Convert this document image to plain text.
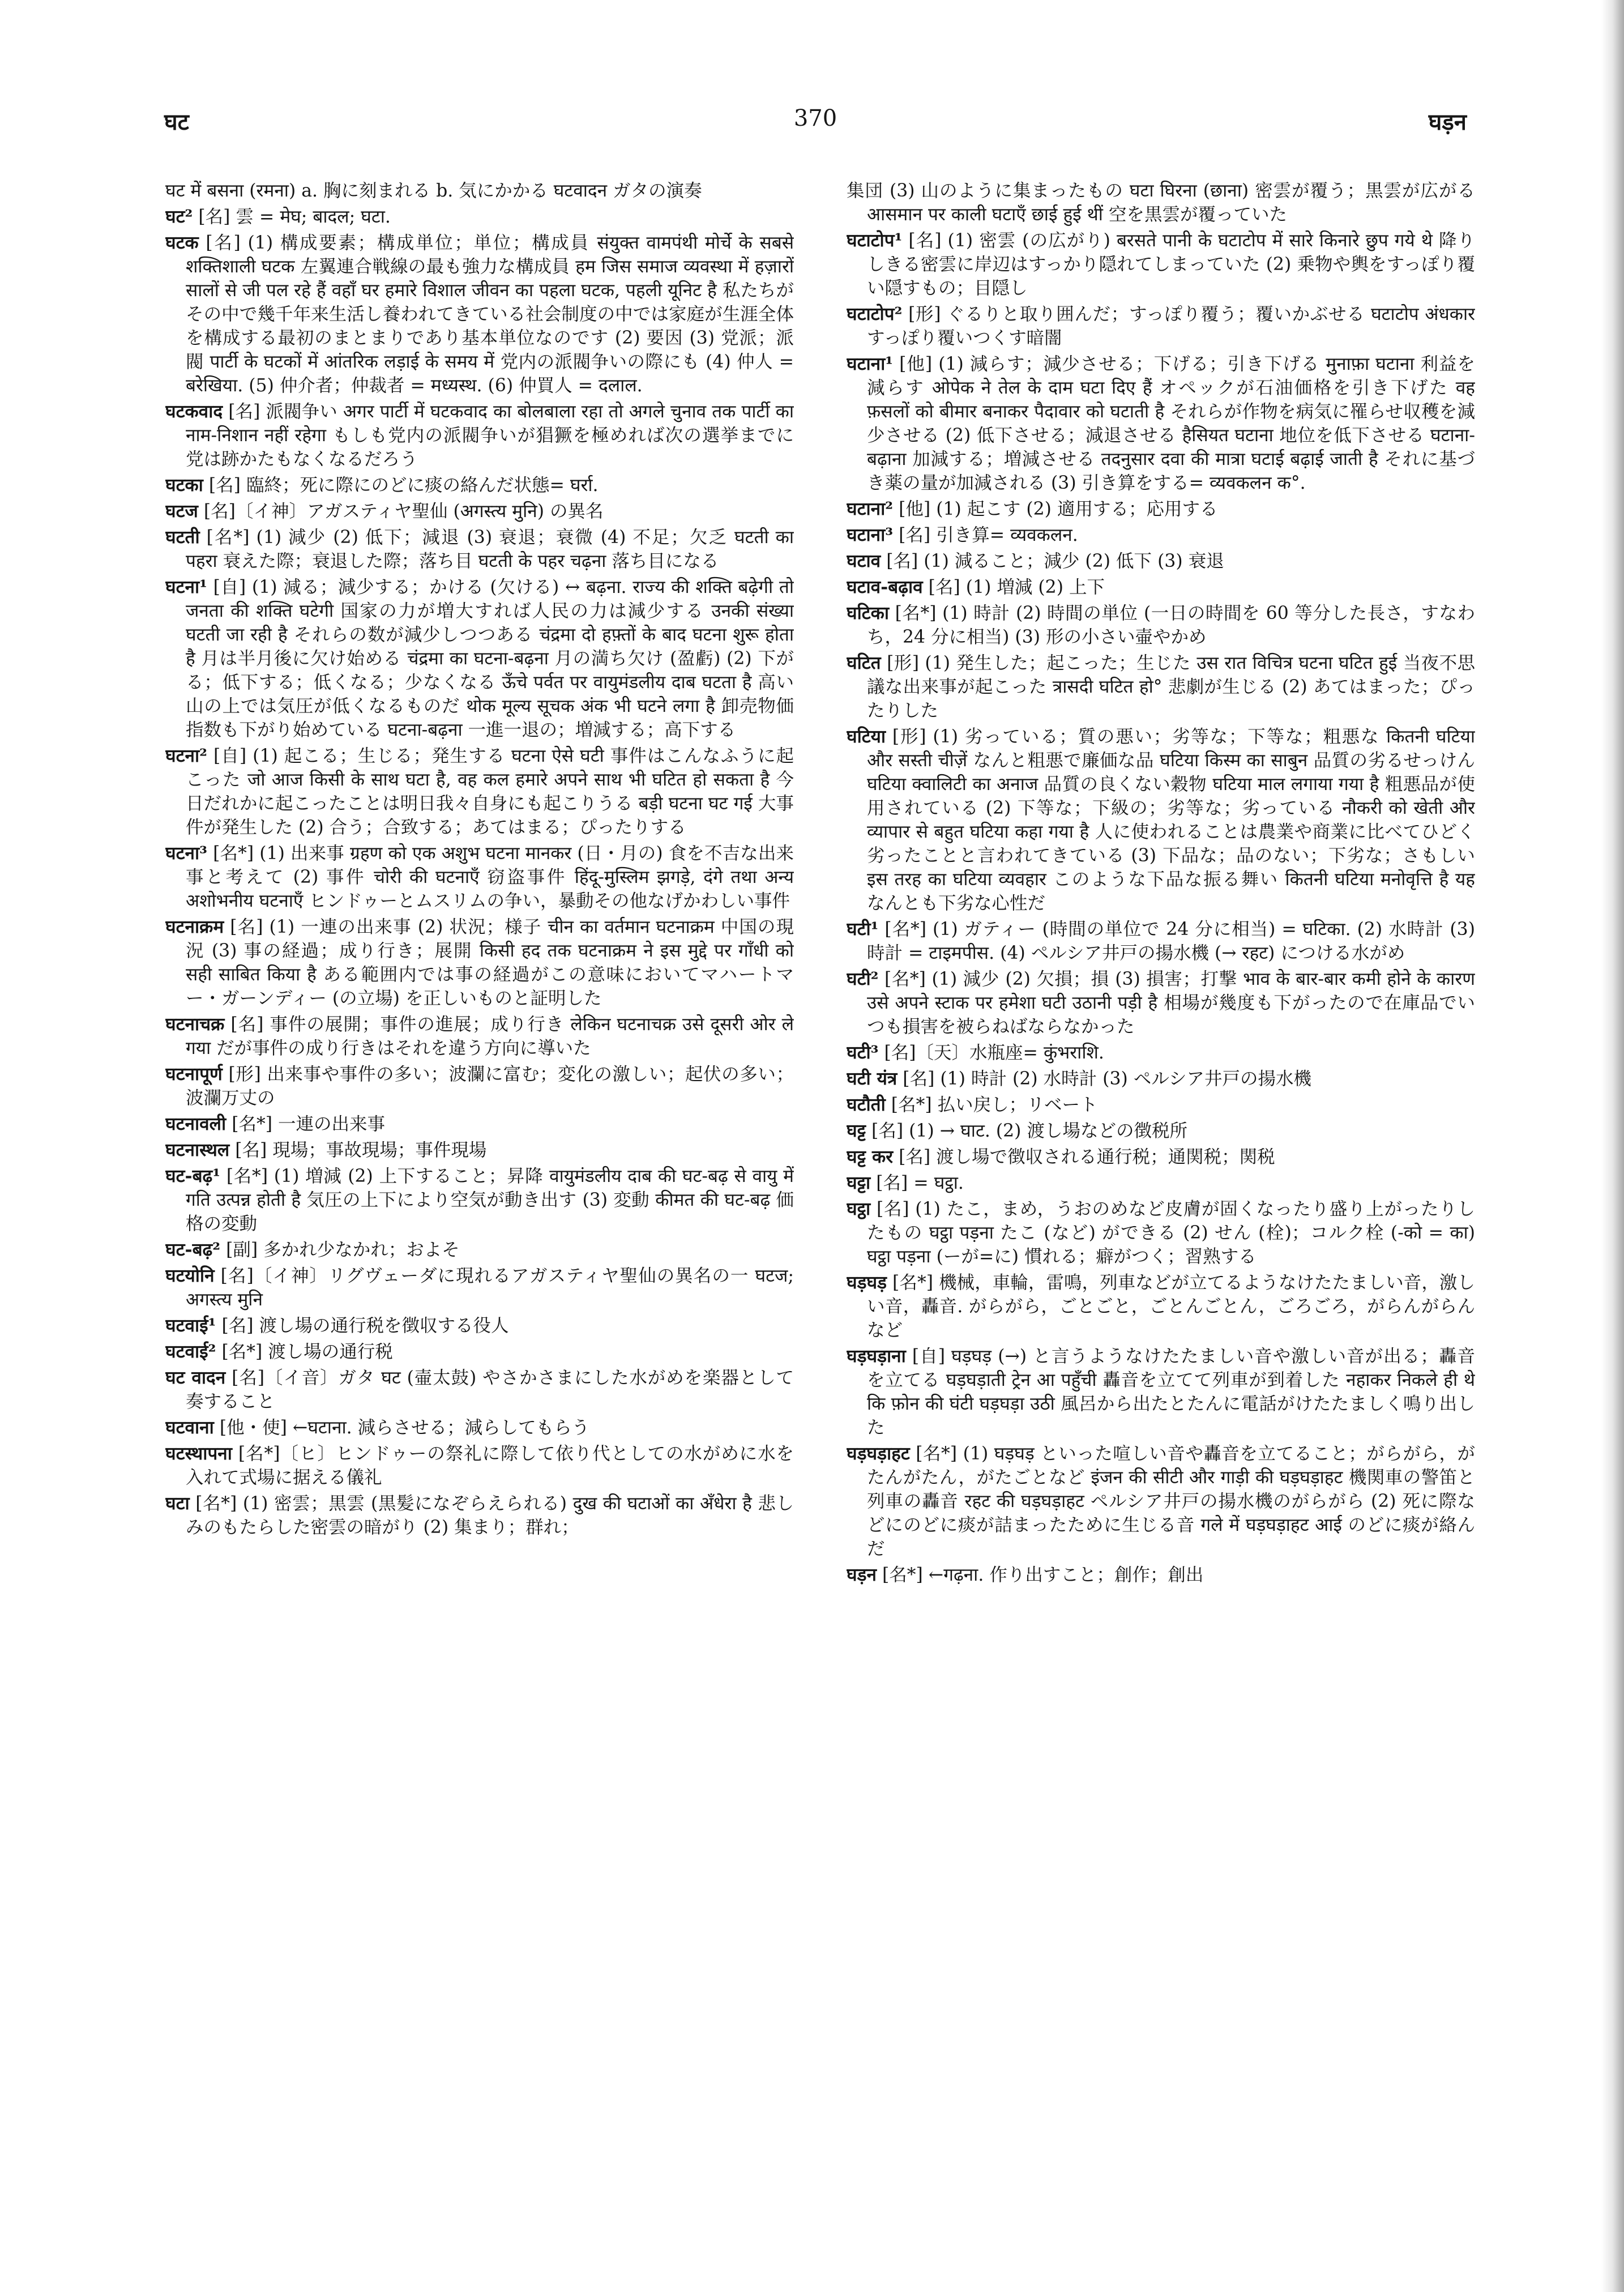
घट	370	घड़न

घट में बसना (रमना) a. 胸に刻まれる b. 気にかかる घटवादन ガタの演奏

घट² [名] 雲 = मेघ; बादल; घटा.

घटक [名] (1) 構成要素；構成単位；単位；構成員 संयुक्त वामपंथी मोर्चे के सबसे शक्तिशाली घटक 左翼連合戦線の最も強力な構成員 हम जिस समाज व्यवस्था में हज़ारों सालों से जी पल रहे हैं वहाँ घर हमारे विशाल जीवन का पहला घटक, पहली यूनिट है 私たちがその中で幾千年来生活し養われてきている社会制度の中では家庭が生涯全体を構成する最初のまとまりであり基本単位なのです (2) 要因 (3) 党派；派閥 पार्टी के घटकों में आंतरिक लड़ाई के समय में 党内の派閥争いの際にも (4) 仲人 = बरेखिया. (5) 仲介者；仲裁者 = मध्यस्थ. (6) 仲買人 = दलाल.

घटकवाद [名] 派閥争い अगर पार्टी में घटकवाद का बोलबाला रहा तो अगले चुनाव तक पार्टी का नाम-निशान नहीं रहेगा もしも党内の派閥争いが猖獗を極めれば次の選挙までに党は跡かたもなくなるだろう

घटका [名] 臨終；死に際にのどに痰の絡んだ状態= घर्रा.

घटज [名]〔イ神〕アガスティヤ聖仙 (अगस्त्य मुनि) の異名

घटती [名*] (1) 減少 (2) 低下；減退 (3) 衰退；衰微 (4) 不足；欠乏 घटती का पहरा 衰えた際；衰退した際；落ち目 घटती के पहर चढ़ना 落ち目になる

घटना¹ [自] (1) 減る；減少する；かける (欠ける) ↔ बढ़ना. राज्य की शक्ति बढ़ेगी तो जनता की शक्ति घटेगी 国家の力が増大すれば人民の力は減少する उनकी संख्या घटती जा रही है それらの数が減少しつつある चंद्रमा दो हफ़्तों के बाद घटना शुरू होता है 月は半月後に欠け始める चंद्रमा का घटना-बढ़ना 月の満ち欠け (盈虧) (2) 下がる；低下する；低くなる；少なくなる ऊँचे पर्वत पर वायुमंडलीय दाब घटता है 高い山の上では気圧が低くなるものだ थोक मूल्य सूचक अंक भी घटने लगा है 卸売物価指数も下がり始めている घटना-बढ़ना 一進一退の；増減する；高下する

घटना² [自] (1) 起こる；生じる；発生する घटना ऐसे घटी 事件はこんなふうに起こった जो आज किसी के साथ घटा है, वह कल हमारे अपने साथ भी घटित हो सकता है 今日だれかに起こったことは明日我々自身にも起こりうる बड़ी घटना घट गई 大事件が発生した (2) 合う；合致する；あてはまる；ぴったりする

घटना³ [名*] (1) 出来事 ग्रहण को एक अशुभ घटना मानकर (日・月の) 食を不吉な出来事と考えて (2) 事件 चोरी की घटनाएँ 窃盗事件 हिंदू-मुस्लिम झगड़े, दंगे तथा अन्य अशोभनीय घटनाएँ ヒンドゥーとムスリムの争い，暴動その他なげかわしい事件

घटनाक्रम [名] (1) 一連の出来事 (2) 状況；様子 चीन का वर्तमान घटनाक्रम 中国の現況 (3) 事の経過；成り行き；展開 किसी हद तक घटनाक्रम ने इस मुद्दे पर गाँधी को सही साबित किया है ある範囲内では事の経過がこの意味においてマハートマー・ガーンディー (の立場) を正しいものと証明した

घटनाचक्र [名] 事件の展開；事件の進展；成り行き लेकिन घटनाचक्र उसे दूसरी ओर ले गया だが事件の成り行きはそれを違う方向に導いた

घटनापूर्ण [形] 出来事や事件の多い；波瀾に富む；変化の激しい；起伏の多い；波瀾万丈の

घटनावली [名*] 一連の出来事

घटनास्थल [名] 現場；事故現場；事件現場

घट-बढ़¹ [名*] (1) 増減 (2) 上下すること；昇降 वायुमंडलीय दाब की घट-बढ़ से वायु में गति उत्पन्न होती है 気圧の上下により空気が動き出す (3) 変動 कीमत की घट-बढ़ 価格の変動

घट-बढ़² [副] 多かれ少なかれ；およそ

घटयोनि [名]〔イ神〕リグヴェーダに現れるアガスティヤ聖仙の異名の一 घटज; अगस्त्य मुनि

घटवाई¹ [名] 渡し場の通行税を徴収する役人

घटवाई² [名*] 渡し場の通行税

घट वादन [名]〔イ音〕ガタ घट (壷太鼓) やさかさまにした水がめを楽器として奏すること

घटवाना [他・使] ←घटाना. 減らさせる；減らしてもらう

घटस्थापना [名*]〔ヒ〕ヒンドゥーの祭礼に際して依り代としての水がめに水を入れて式場に据える儀礼

घटा [名*] (1) 密雲；黒雲 (黒髪になぞらえられる) दुख की घटाओं का अँधेरा है 悲しみのもたらした密雲の暗がり (2) 集まり；群れ；

集団 (3) 山のように集まったもの घटा घिरना (छाना) 密雲が覆う；黒雲が広がる आसमान पर काली घटाएँ छाई हुई थीं 空を黒雲が覆っていた

घटाटोप¹ [名] (1) 密雲 (の広がり) बरसते पानी के घटाटोप में सारे किनारे छुप गये थे 降りしきる密雲に岸辺はすっかり隠れてしまっていた (2) 乗物や輿をすっぽり覆い隠すもの；目隠し

घटाटोप² [形] ぐるりと取り囲んだ；すっぽり覆う；覆いかぶせる घटाटोप अंधकार すっぽり覆いつくす暗闇

घटाना¹ [他] (1) 減らす；減少させる；下げる；引き下げる मुनाफ़ा घटाना 利益を減らす ओपेक ने तेल के दाम घटा दिए हैं オペックが石油価格を引き下げた वह फ़सलों को बीमार बनाकर पैदावार को घटाती है それらが作物を病気に罹らせ収穫を減少させる (2) 低下させる；減退させる हैसियत घटाना 地位を低下させる घटाना-बढ़ाना 加減する；増減させる तदनुसार दवा की मात्रा घटाई बढ़ाई जाती है それに基づき薬の量が加減される (3) 引き算をする= व्यवकलन क°.

घटाना² [他] (1) 起こす (2) 適用する；応用する

घटाना³ [名] 引き算= व्यवकलन.

घटाव [名] (1) 減ること；減少 (2) 低下 (3) 衰退

घटाव-बढ़ाव [名] (1) 増減 (2) 上下

घटिका [名*] (1) 時計 (2) 時間の単位 (一日の時間を 60 等分した長さ，すなわち，24 分に相当) (3) 形の小さい壷やかめ

घटित [形] (1) 発生した；起こった；生じた उस रात विचित्र घटना घटित हुई 当夜不思議な出来事が起こった त्रासदी घटित हो° 悲劇が生じる (2) あてはまった；ぴったりした

घटिया [形] (1) 劣っている；質の悪い；劣等な；下等な；粗悪な कितनी घटिया और सस्ती चीज़ें なんと粗悪で廉価な品 घटिया किस्म का साबुन 品質の劣るせっけん घटिया क्वालिटी का अनाज 品質の良くない穀物 घटिया माल लगाया गया है 粗悪品が使用されている (2) 下等な；下級の；劣等な；劣っている नौकरी को खेती और व्यापार से बहुत घटिया कहा गया है 人に使われることは農業や商業に比べてひどく劣ったことと言われてきている (3) 下品な；品のない；下劣な；さもしい इस तरह का घटिया व्यवहार このような下品な振る舞い कितनी घटिया मनोवृत्ति है यह なんとも下劣な心性だ

घटी¹ [名*] (1) ガティー (時間の単位で 24 分に相当) = घटिका. (2) 水時計 (3) 時計 = टाइमपीस. (4) ペルシア井戸の揚水機 (→ रहट) につける水がめ

घटी² [名*] (1) 減少 (2) 欠損；損 (3) 損害；打撃 भाव के बार-बार कमी होने के कारण उसे अपने स्टाक पर हमेशा घटी उठानी पड़ी है 相場が幾度も下がったので在庫品でいつも損害を被らねばならなかった

घटी³ [名]〔天〕水瓶座= कुंभराशि.

घटी यंत्र [名] (1) 時計 (2) 水時計 (3) ペルシア井戸の揚水機

घटौती [名*] 払い戻し；リベート

घट्ट [名] (1) → घाट. (2) 渡し場などの徴税所

घट्ट कर [名] 渡し場で徴収される通行税；通関税；関税

घट्टा [名] = घट्ठा.

घट्ठा [名] (1) たこ，まめ，うおのめなど皮膚が固くなったり盛り上がったりしたもの घट्ठा पड़ना たこ (など) ができる (2) せん (栓)；コルク栓 (-को = का) घट्ठा पड़ना (ーが=に) 慣れる；癖がつく；習熟する

घड़घड़ [名*] 機械，車輪，雷鳴，列車などが立てるようなけたたましい音，激しい音，轟音. がらがら，ごとごと，ごとんごとん，ごろごろ，がらんがらんなど

घड़घड़ाना [自] घड़घड़ (→) と言うようなけたたましい音や激しい音が出る；轟音を立てる घड़घड़ाती ट्रेन आ पहुँची 轟音を立てて列車が到着した नहाकर निकले ही थे कि फ़ोन की घंटी घड़घड़ा उठी 風呂から出たとたんに電話がけたたましく鳴り出した

घड़घड़ाहट [名*] (1) घड़घड़ といった喧しい音や轟音を立てること；がらがら，がたんがたん，がたごとなど इंजन की सीटी और गाड़ी की घड़घड़ाहट 機関車の警笛と列車の轟音 रहट की घड़घड़ाहट ペルシア井戸の揚水機のがらがら (2) 死に際などにのどに痰が詰まったために生じる音 गले में घड़घड़ाहट आई のどに痰が絡んだ

घड़न [名*] ←गढ़ना. 作り出すこと；創作；創出
